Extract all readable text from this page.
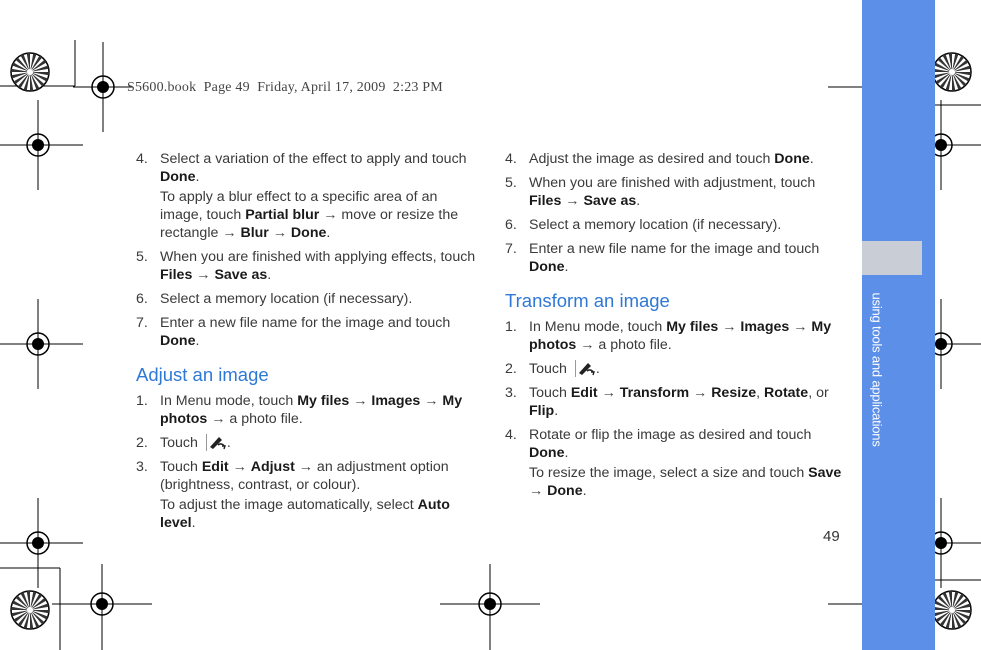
S5600.book  Page 49  Friday, April 17, 2009  2:23 PM
using tools and applications
49
4. Select a variation of the effect to apply and touch Done.

To apply a blur effect to a specific area of an image, touch Partial blur → move or resize the rectangle → Blur → Done.

5. When you are finished with applying effects, touch Files → Save as.

6. Select a memory location (if necessary).

7. Enter a new file name for the image and touch Done.

Adjust an image
1. In Menu mode, touch My files → Images → My photos → a photo file.

2. Touch .

3. Touch Edit → Adjust → an adjustment option (brightness, contrast, or colour).

To adjust the image automatically, select Auto level.

4. Adjust the image as desired and touch Done.

5. When you are finished with adjustment, touch Files → Save as.

6. Select a memory location (if necessary).

7. Enter a new file name for the image and touch Done.

Transform an image
1. In Menu mode, touch My files → Images → My photos → a photo file.

2. Touch .

3. Touch Edit → Transform → Resize, Rotate, or Flip.

4. Rotate or flip the image as desired and touch Done.

To resize the image, select a size and touch Save → Done.
